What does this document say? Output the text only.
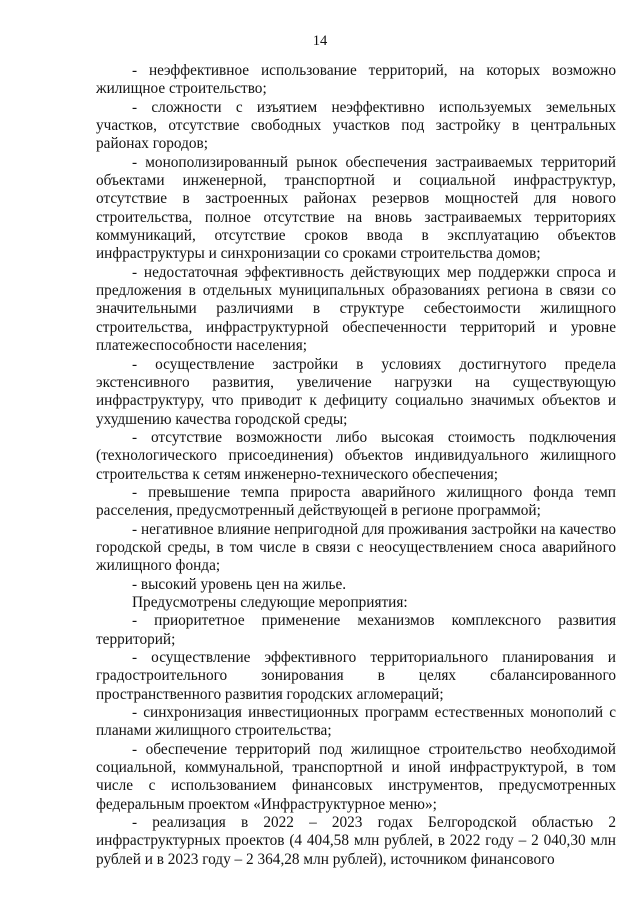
14

- неэффективное использование территорий, на которых возможно жилищное строительство;

- сложности с изъятием неэффективно используемых земельных участков, отсутствие свободных участков под застройку в центральных районах городов;

- монополизированный рынок обеспечения застраиваемых территорий объектами инженерной, транспортной и социальной инфраструктур, отсутствие в застроенных районах резервов мощностей для нового строительства, полное отсутствие на вновь застраиваемых территориях коммуникаций, отсутствие сроков ввода в эксплуатацию объектов инфраструктуры и синхронизации со сроками строительства домов;

- недостаточная эффективность действующих мер поддержки спроса и предложения в отдельных муниципальных образованиях региона в связи со значительными различиями в структуре себестоимости жилищного строительства, инфраструктурной обеспеченности территорий и уровне платежеспособности населения;

- осуществление застройки в условиях достигнутого предела экстенсивного развития, увеличение нагрузки на существующую инфраструктуру, что приводит к дефициту социально значимых объектов и ухудшению качества городской среды;

- отсутствие возможности либо высокая стоимость подключения (технологического присоединения) объектов индивидуального жилищного строительства к сетям инженерно-технического обеспечения;

- превышение темпа прироста аварийного жилищного фонда темп расселения, предусмотренный действующей в регионе программой;

- негативное влияние непригодной для проживания застройки на качество городской среды, в том числе в связи с неосуществлением сноса аварийного жилищного фонда;

- высокий уровень цен на жилье.

Предусмотрены следующие мероприятия:

- приоритетное применение механизмов комплексного развития территорий;

- осуществление эффективного территориального планирования и градостроительного зонирования в целях сбалансированного пространственного развития городских агломераций;

- синхронизация инвестиционных программ естественных монополий с планами жилищного строительства;

- обеспечение территорий под жилищное строительство необходимой социальной, коммунальной, транспортной и иной инфраструктурой, в том числе с использованием финансовых инструментов, предусмотренных федеральным проектом «Инфраструктурное меню»;

- реализация в 2022 – 2023 годах Белгородской областью 2 инфраструктурных проектов (4 404,58 млн рублей, в 2022 году – 2 040,30 млн рублей и в 2023 году – 2 364,28 млн рублей), источником финансового
